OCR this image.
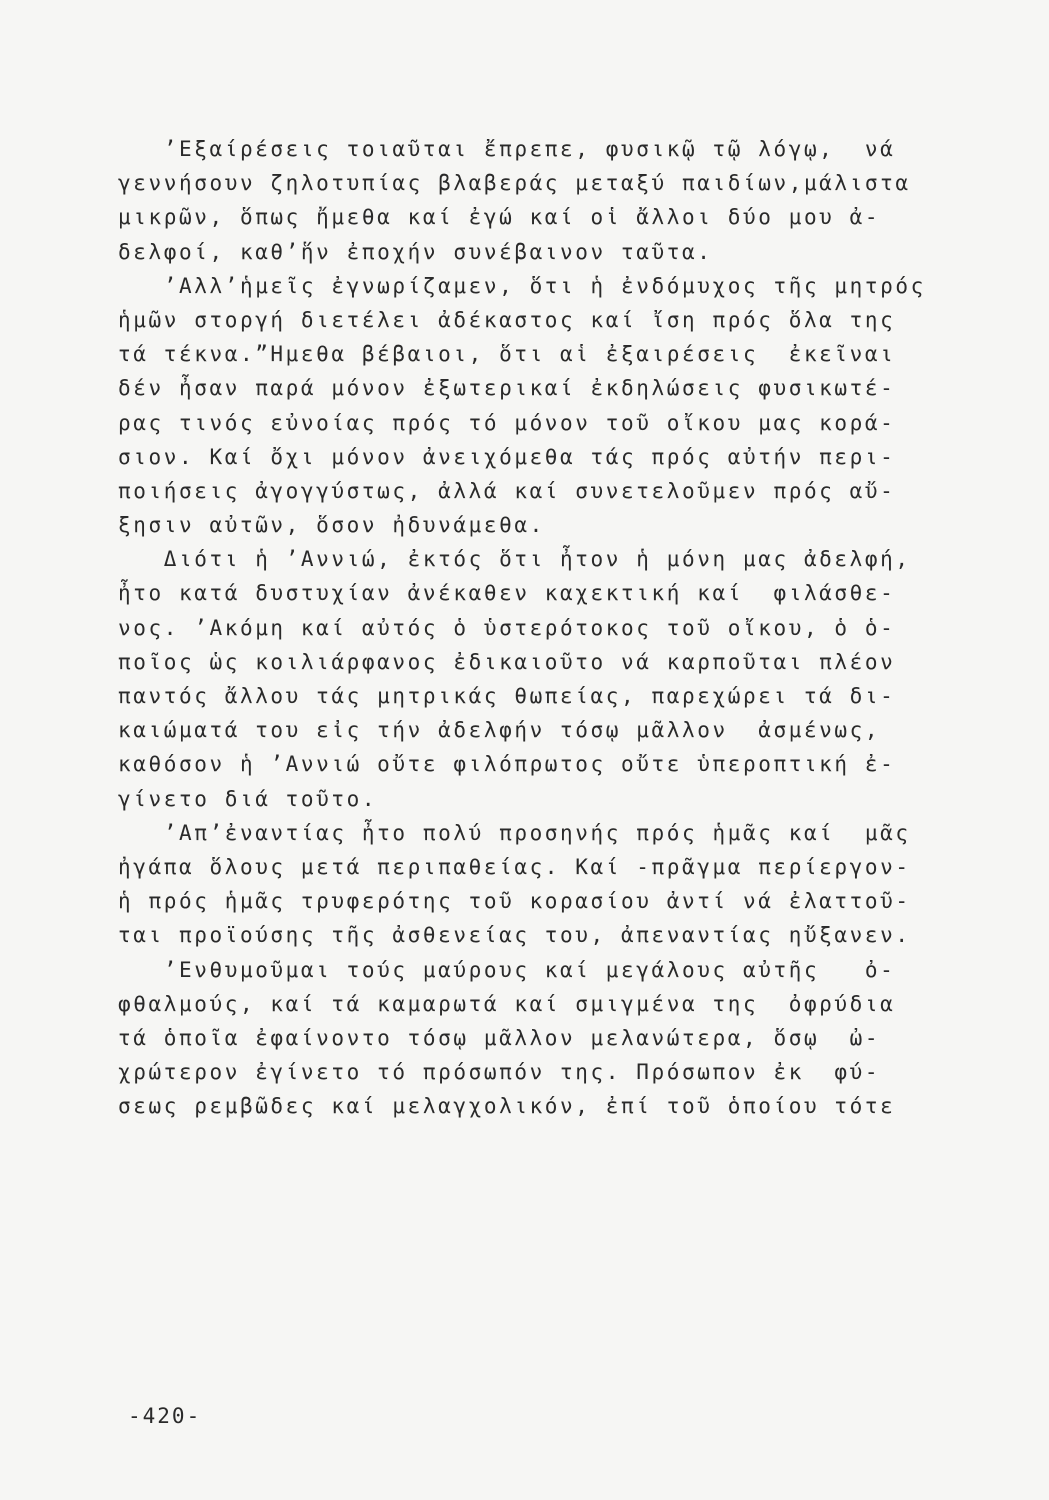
’Εξαίρέσεις τοιαῦται ἔπρεπε, φυσικῷ τῷ λόγῳ,  νά
γεννήσουν ζηλοτυπίας βλαβεράς μεταξύ παιδίων,μάλιστα
μικρῶν, ὅπως ἤμεθα καί ἐγώ καί οἱ ἄλλοι δύο μου ἀ-
δελφοί, καθ’ἥν ἐποχήν συνέβαινον ταῦτα.
’Αλλ’ἡμεῖς ἐγνωρίζαμεν, ὅτι ἡ ἐνδόμυχος τῆς μητρός
ἡμῶν στοργή διετέλει ἀδέκαστος καί ἴση πρός ὅλα της
τά τέκνα.”Ημεθα βέβαιοι, ὅτι αἱ ἐξαιρέσεις  ἐκεῖναι
δέν ἦσαν παρά μόνον ἐξωτερικαί ἐκδηλώσεις φυσικωτέ-
ρας τινός εὐνοίας πρός τό μόνον τοῦ οἴκου μας κορά-
σιον. Καί ὄχι μόνον ἀνειχόμεθα τάς πρός αὐτήν περι-
ποιήσεις ἀγογγύστως, ἀλλά καί συνετελοῦμεν πρός αὔ-
ξησιν αὐτῶν, ὅσον ἠδυνάμεθα.
Διότι ἡ ’Αννιώ, ἐκτός ὅτι ἦτον ἡ μόνη μας ἀδελφή,
ἦτο κατά δυστυχίαν ἀνέκαθεν καχεκτική καί  φιλάσθε-
νος. ’Ακόμη καί αὐτός ὁ ὑστερότοκος τοῦ οἴκου, ὁ ὁ-
ποῖος ὡς κοιλιάρφανος ἐδικαιοῦτο νά καρποῦται πλέον
παντός ἄλλου τάς μητρικάς θωπείας, παρεχώρει τά δι-
καιώματά του εἰς τήν ἀδελφήν τόσῳ μᾶλλον  ἀσμένως,
καθόσον ἡ ’Αννιώ οὔτε φιλόπρωτος οὔτε ὑπεροπτική ἐ-
γίνετο διά τοῦτο.
’Απ’ἐναντίας ἦτο πολύ προσηνής πρός ἡμᾶς καί  μᾶς
ἠγάπα ὅλους μετά περιπαθείας. Καί -πρᾶγμα περίεργον-
ἡ πρός ἡμᾶς τρυφερότης τοῦ κορασίου ἀντί νά ἐλαττοῦ-
ται προϊούσης τῆς ἀσθενείας του, ἀπεναντίας ηὔξανεν.
’Ενθυμοῦμαι τούς μαύρους καί μεγάλους αὐτῆς   ὀ-
φθαλμούς, καί τά καμαρωτά καί σμιγμένα της  ὀφρύδια
τά ὁποῖα ἐφαίνοντο τόσῳ μᾶλλον μελανώτερα, ὅσῳ  ὠ-
χρώτερον ἐγίνετο τό πρόσωπόν της. Πρόσωπον ἐκ  φύ-
σεως ρεμβῶδες καί μελαγχολικόν, ἐπί τοῦ ὁποίου τότε
-420-
